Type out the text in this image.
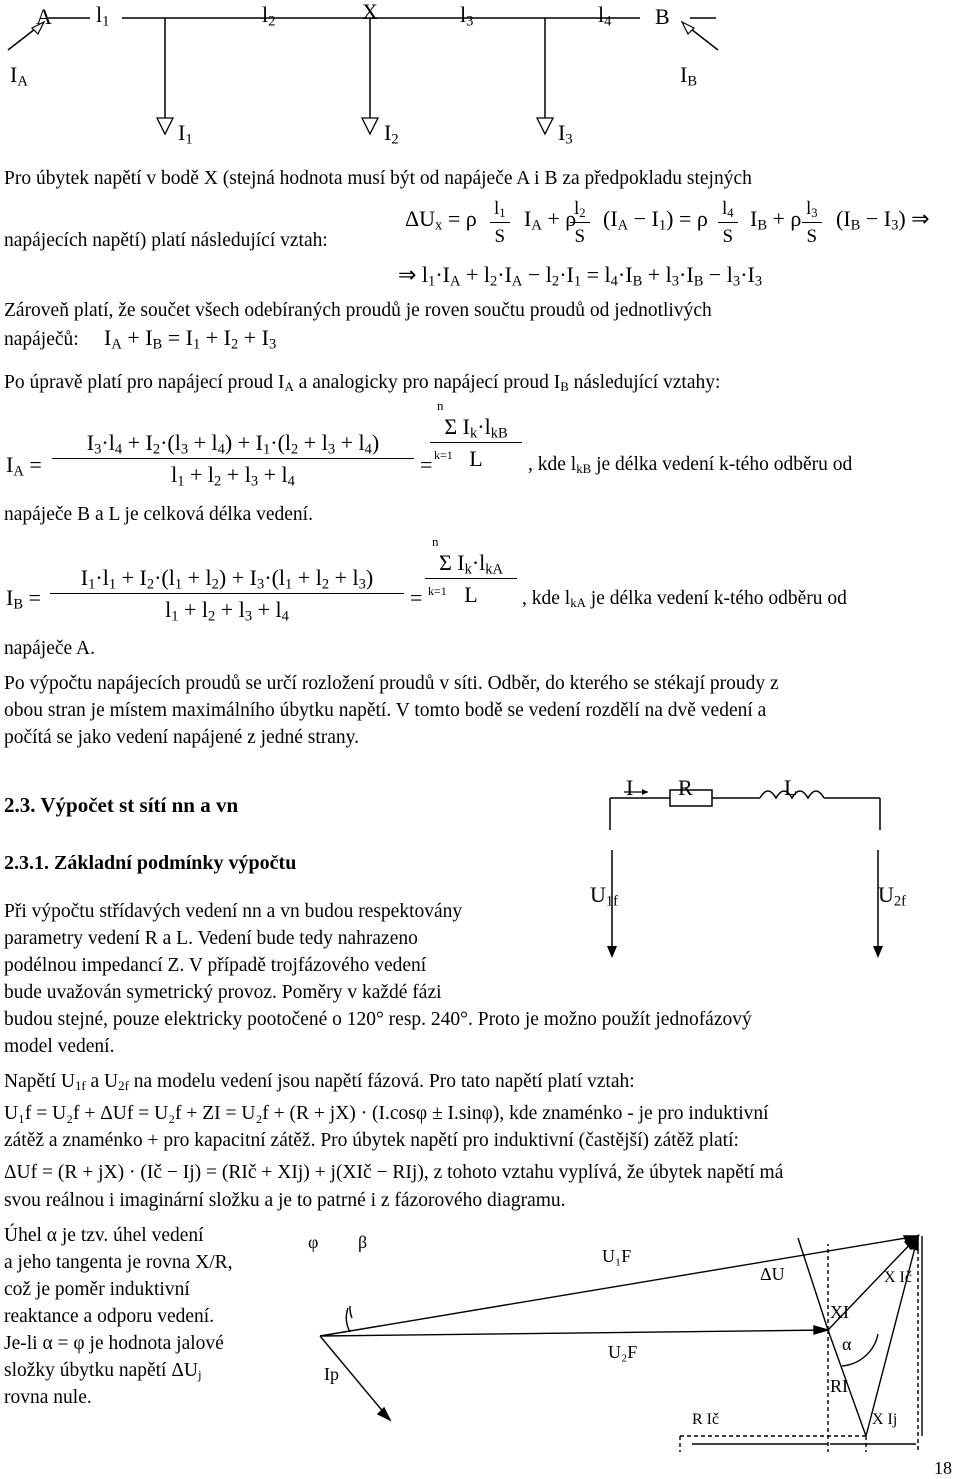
A $l_1$	$l_2$	X	$l_3$	$l_4$ B
$I_A$	$I_B$
$I_1$	$I_2$	$I_3$
Pro úbytek napětí v bodě X (stejná hodnota musí být od napáječe A i B za předpokladu stejných
napájecích napětí) platí následující vztah:
$\Delta U_x = \rho \frac{l_1}{S} I_A + \rho$
$\frac{l_2}{S} (I_A - I_1) = \rho \frac{l_4}{S} I_B + \rho \frac{l_3}{S} (I_B - I_3)$ ⇒
⇒ $l_1\cdot I_A + l_2\cdot I_A - l_2\cdot I_1 = l_4\cdot I_B + l_3\cdot I_B - l_3\cdot I_3$
Zároveň platí, že součet všech odebíraných proudů je roven součtu proudů od jednotlivých
napáječů: $I_A + I_B = I_1 + I_2 + I_3$
Po úpravě platí pro napájecí proud $I_A$ a analogicky pro napájecí proud $I_B$ následující vztahy:
$I_A = \frac{I_3\cdot l_4 + I_2\cdot(l_3 + l_4) + I_1\cdot(l_2 + l_3 + l_4)}{l_1 + l_2 + l_3 + l_4}$ =
n
Σ $I_k\cdot l_{kB}$
L
k=1	, kde $l_{kB}$ je délka vedení k-tého odběru od
napáječe B a L je celková délka vedení.
$I_B = \frac{I_1\cdot l_1 + I_2\cdot(l_1 + l_2) + I_3\cdot(l_1 + l_2 + l_3)}{l_1 + l_2 + l_3 + l_4}$ =
n
Σ $I_k\cdot l_{kA}$
L
k=1	, kde $l_{kA}$ je délka vedení k-tého odběru od
napáječe A.
Po výpočtu napájecích proudů se určí rozložení proudů v síti. Odběr, do kterého se stékají proudy z
obou stran je místem maximálního úbytku napětí. V tomto bodě se vedení rozdělí na dvě vedení a
počítá se jako vedení napájené z jedné strany.
2.3. Výpočet st sítí nn a vn
2.3.1. Základní podmínky výpočtu
I R	L
$U_{1f}$	$U_{2f}$
Při výpočtu střídavých vedení nn a vn budou respektovány
parametry vedení R a L. Vedení bude tedy nahrazeno
podélnou impedancí Z. V případě trojfázového vedení
bude uvažován symetrický provoz. Poměry v každé fázi
budou stejné, pouze elektricky pootočené o 120° resp. 240°. Proto je možno použít jednofázový
model vedení.
Napětí $U_{1f}$ a $U_{2f}$ na modelu vedení jsou napětí fázová. Pro tato napětí platí vztah:
U₁f = U₂f + ΔUf = U₂f + ZI = U₂f + (R + jX) · (I.cosφ ± I.sinφ), kde znaménko - je pro induktivní
zátěž a znaménko + pro kapacitní zátěž. Pro úbytek napětí pro induktivní (častější) zátěž platí:
ΔUf = (R + jX) · (Ič − Ij) = (RIč + XIj) + j(XIč − RIj), z tohoto vztahu vyplívá, že úbytek napětí má
svou reálnou i imaginární složku a je to patrné i z fázorového diagramu.
Úhel α je tzv. úhel vedení
a jeho tangenta je rovna X/R,
což je poměr induktivní
reaktance a odporu vedení.
Je-li α = φ je hodnota jalové
složky úbytku napětí $\Delta U_j$
rovna nule.
φ β
U₁F
ΔU
XI
X Ič
α
Ip
U₂F
RI
R Ič	X Ij
18
